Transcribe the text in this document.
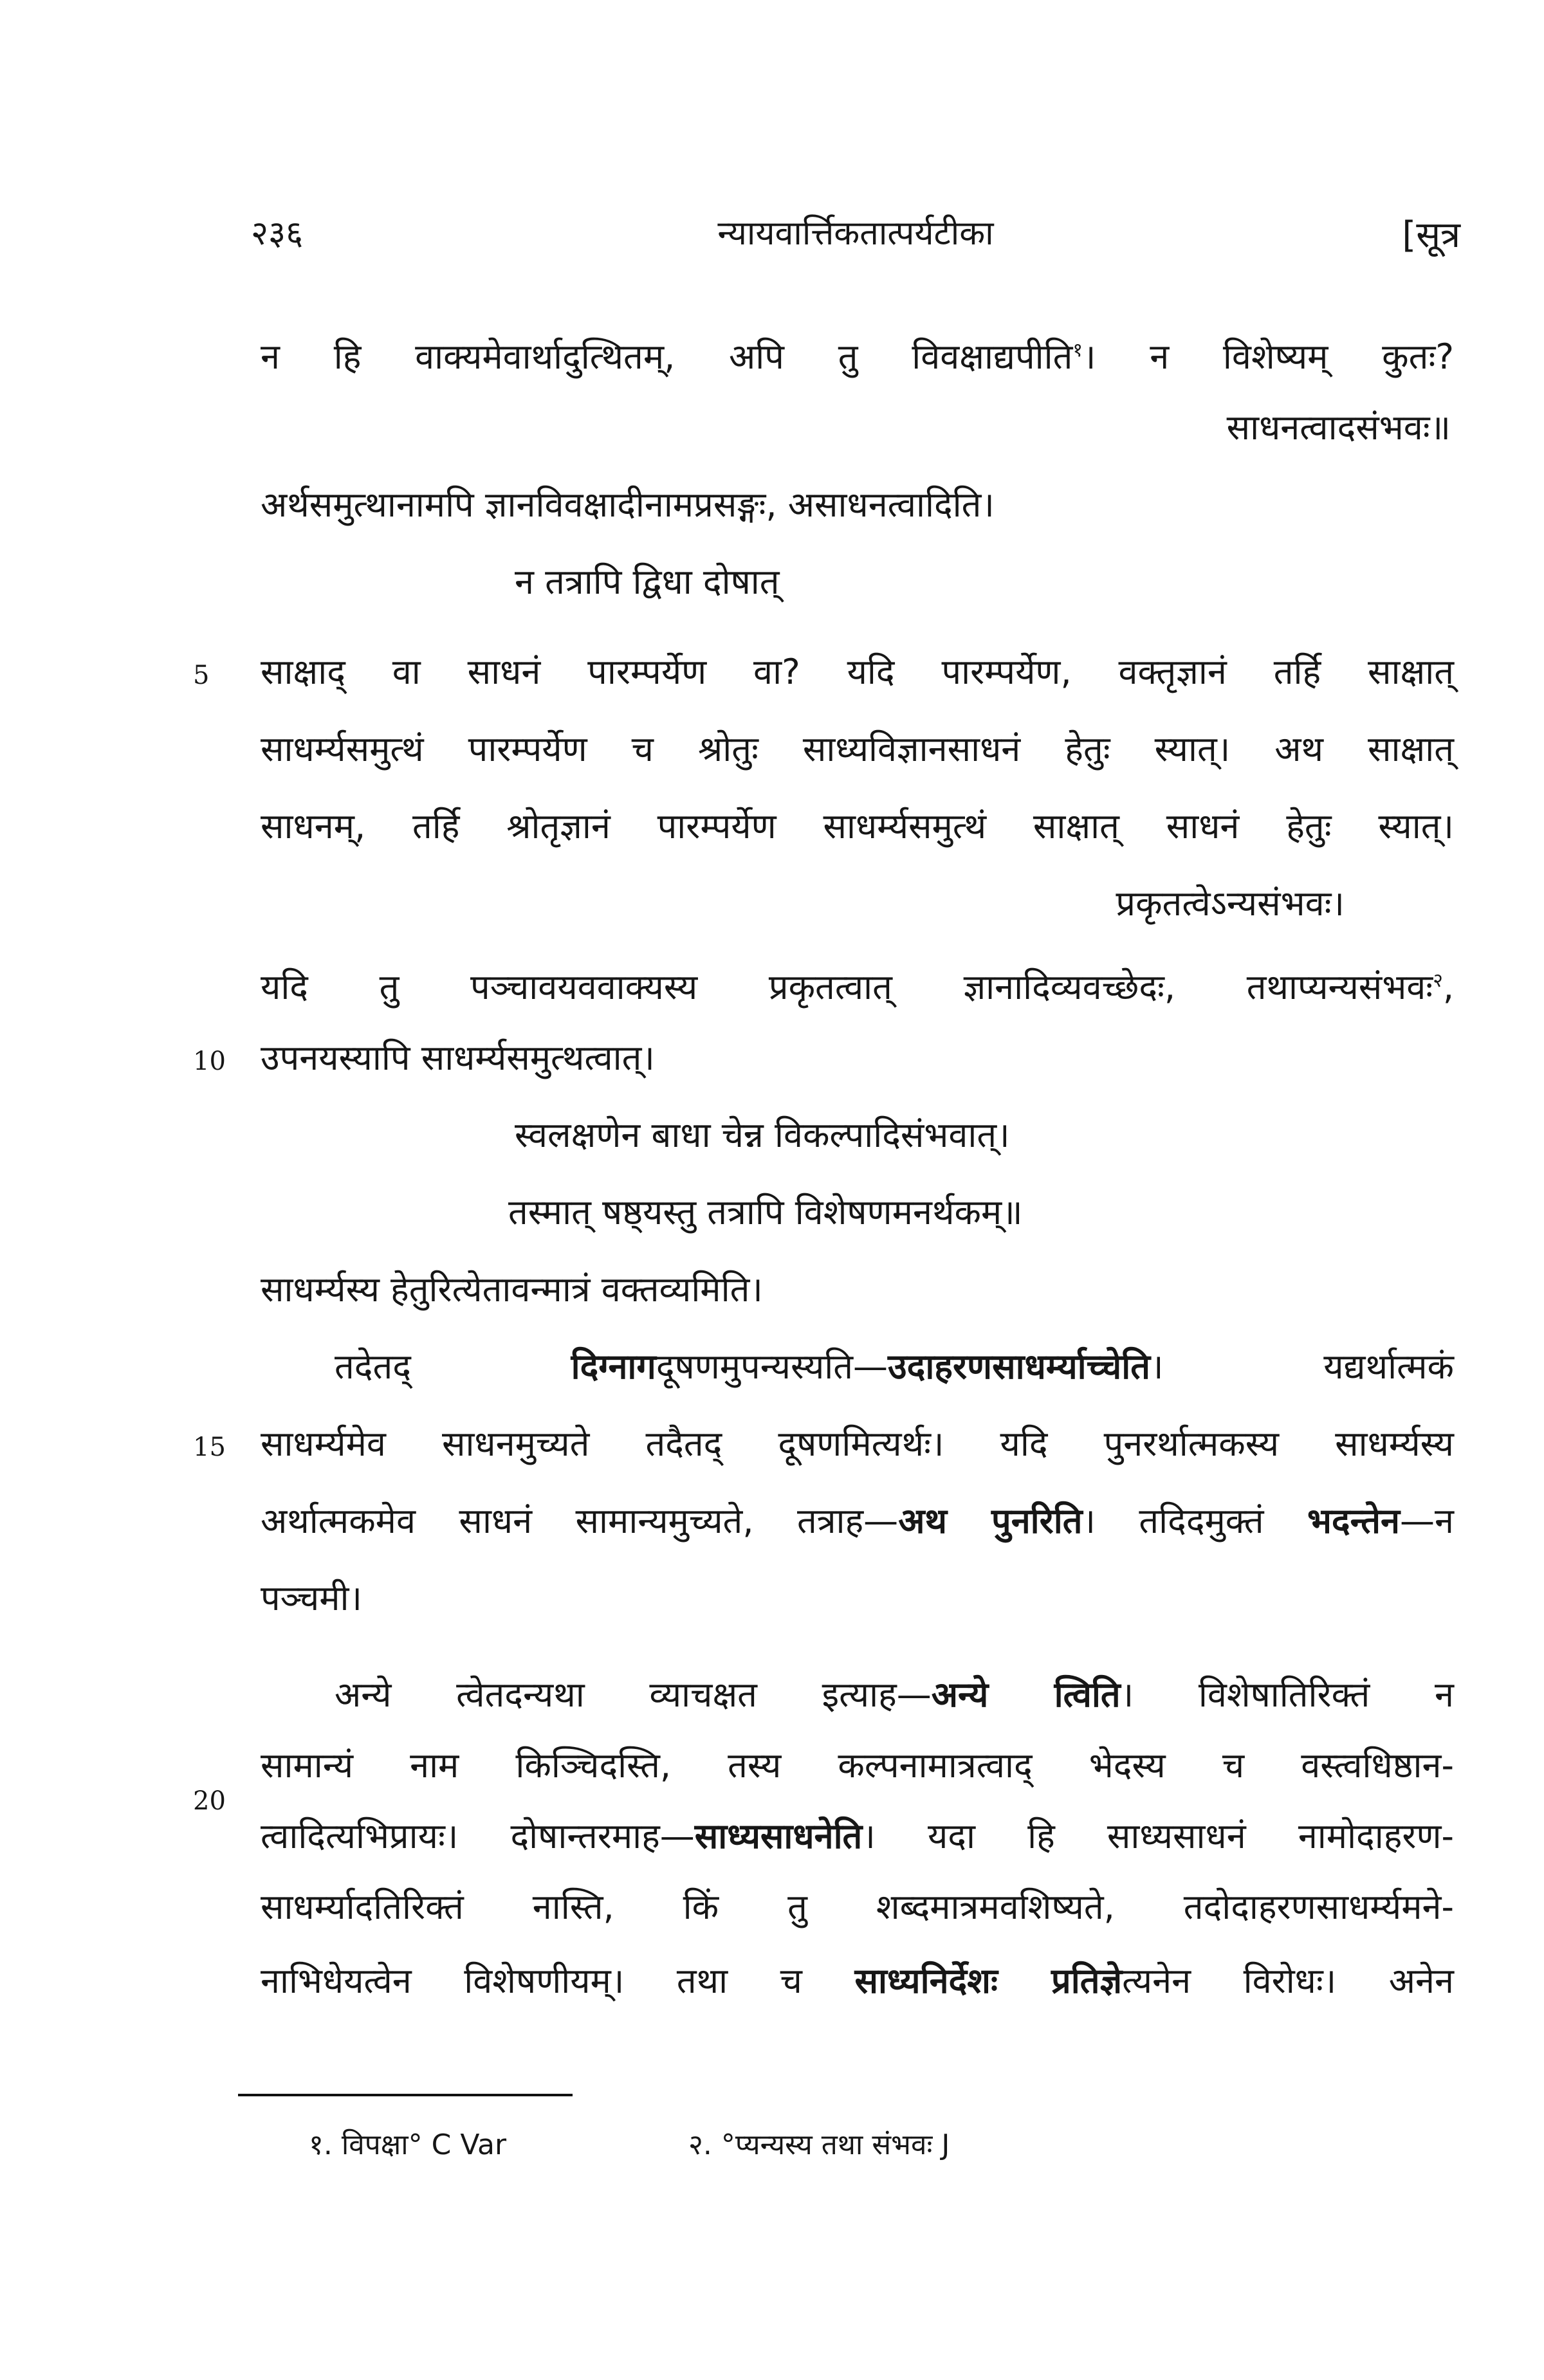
२३६	न्यायवार्त्तिकतात्पर्यटीका	[सूत्र
5
10
15
20
न हि वाक्यमेवार्थादुत्थितम्, अपि तु विवक्षाद्यपीति$^१$। न विशेष्यम् कुतः?
साधनत्वादसंभवः॥
अर्थसमुत्थानामपि ज्ञानविवक्षादीनामप्रसङ्गः, असाधनत्वादिति।
न तत्रापि द्विधा दोषात्
साक्षाद् वा साधनं पारम्पर्येण वा? यदि पारम्पर्येण, वक्तृज्ञानं तर्हि साक्षात्
साधर्म्यसमुत्थं पारम्पर्येण च श्रोतुः साध्यविज्ञानसाधनं हेतुः स्यात्। अथ साक्षात्
साधनम्, तर्हि श्रोतृज्ञानं पारम्पर्येण साधर्म्यसमुत्थं साक्षात् साधनं हेतुः स्यात्।
प्रकृतत्वेऽन्यसंभवः।
यदि तु पञ्चावयववाक्यस्य प्रकृतत्वात् ज्ञानादिव्यवच्छेदः, तथाप्यन्यसंभवः$^२$,
उपनयस्यापि साधर्म्यसमुत्थत्वात्।
स्वलक्षणेन बाधा चेन्न विकल्पादिसंभवात्।
तस्मात् षष्ठ्यस्तु तत्रापि विशेषणमनर्थकम्॥
साधर्म्यस्य हेतुरित्येतावन्मात्रं वक्तव्यमिति।
तदेतद् दिग्नागदूषणमुपन्यस्यति—उदाहरणसाधर्म्याच्चेति। यद्यर्थात्मकं
साधर्म्यमेव साधनमुच्यते तदैतद् दूषणमित्यर्थः। यदि पुनरर्थात्मकस्य साधर्म्यस्य
अर्थात्मकमेव साधनं सामान्यमुच्यते, तत्राह—अथ पुनरिति। तदिदमुक्तं भदन्तेन—न
पञ्चमी।
अन्ये त्वेतदन्यथा व्याचक्षत इत्याह—अन्ये त्विति। विशेषातिरिक्तं न
सामान्यं नाम किञ्चिदस्ति, तस्य कल्पनामात्रत्वाद् भेदस्य च वस्त्वधिष्ठान-
त्वादित्यभिप्रायः। दोषान्तरमाह—साध्यसाधनेति। यदा हि साध्यसाधनं नामोदाहरण-
साधर्म्यादतिरिक्तं नास्ति, किं तु शब्दमात्रमवशिष्यते, तदोदाहरणसाधर्म्यमने-
नाभिधेयत्वेन विशेषणीयम्। तथा च साध्यनिर्देशः प्रतिज्ञेत्यनेन विरोधः। अनेन
१. विपक्षा° C Var	२. °प्यन्यस्य तथा संभवः J
